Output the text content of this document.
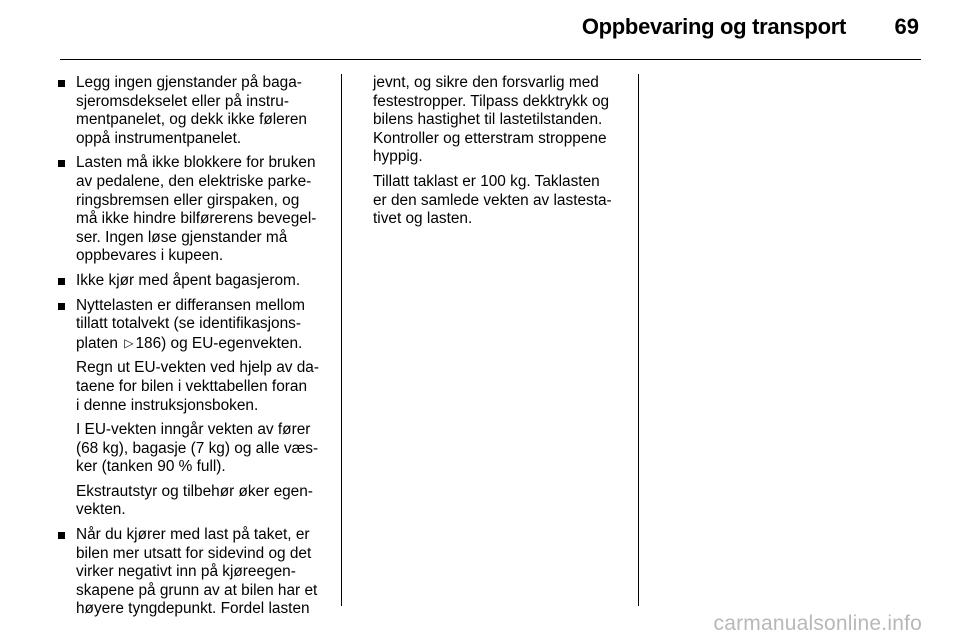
Oppbevaring og transport 69
Legg ingen gjenstander på baga-
sjeromsdekselet eller på instru-
mentpanelet, og dekk ikke føleren
oppå instrumentpanelet.
Lasten må ikke blokkere for bruken
av pedalene, den elektriske parke-
ringsbremsen eller girspaken, og
må ikke hindre bilførerens bevegel-
ser. Ingen løse gjenstander må
oppbevares i kupeen.
Ikke kjør med åpent bagasjerom.
Nyttelasten er differansen mellom
tillatt totalvekt (se identifikasjons-
platen ▷ 186) og EU-egenvekten.
Regn ut EU-vekten ved hjelp av da-
taene for bilen i vekttabellen foran
i denne instruksjonsboken.
I EU-vekten inngår vekten av fører
(68 kg), bagasje (7 kg) og alle væs-
ker (tanken 90 % full).
Ekstrautstyr og tilbehør øker egen-
vekten.
Når du kjører med last på taket, er
bilen mer utsatt for sidevind og det
virker negativt inn på kjøreegen-
skapene på grunn av at bilen har et
høyere tyngdepunkt. Fordel lasten
jevnt, og sikre den forsvarlig med
festestropper. Tilpass dekktrykk og
bilens hastighet til lastetilstanden.
Kontroller og etterstram stroppene
hyppig.
Tillatt taklast er 100 kg. Taklasten
er den samlede vekten av lastesta-
tivet og lasten.
carmanualsonline.info
